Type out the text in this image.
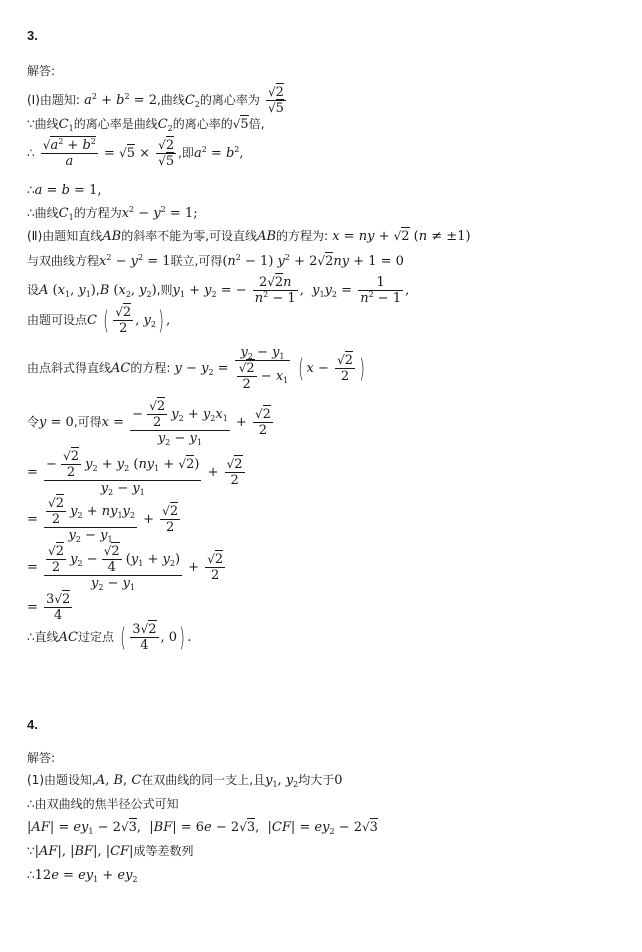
3.
解答:
(Ⅰ)由题知: $a^2 + b^2 = 2$,曲线$C_2$的离心率为 $\frac{√2}{√5}$
∵曲线$C_1$的离心率是曲线$C_2$的离心率的√5倍,
∴ $\frac{√a^2 + b^2}{a} = √5 \times \frac{√2}{√5}$ ,即$a^2 = b^2$,
∴a = b = 1,
∴曲线$C_1$的方程为$x^2 - y^2 = 1$;
(Ⅱ)由题知直线AB的斜率不能为零,可设直线AB的方程为: x = ny + √2 (n ≠ ±1)
与双曲线方程$x^2 - y^2 = 1$联立,可得$(n^2 - 1) y^2 + 2√2ny + 1 = 0$
设A ($x_1$, $y_1),B$ ($x_2$, $y_2$),则$y_1 + y_2$ = − $\frac{2√2n}{n^2 - 1}$ ,  $y_1y_2 = \frac{1}{n^2 - 1}$ ,
由题可设点C ( $\frac{√2}{2}$ , $y_2$) ,
由点斜式得直线AC的方程: $y - y_2 = \frac{y_2 - y_1}{\frac{√2}{2} - x_1}$ ( $x - \frac{√2}{2}$ )
令y = 0,可得$x = \frac{- \frac{√2}{2} y_2 + y_2x_1}{y_2 - y_1} + \frac{√2}{2}$
= $\frac{- \frac{√2}{2} y_2 + y_2 (ny_1 + √2)}{y_2 - y_1} + \frac{√2}{2}$
= $\frac{\frac{√2}{2} y_2 + ny_1y_2}{y_2 - y_1} + \frac{√2}{2}$
= $\frac{\frac{√2}{2} y_2 - \frac{√2}{4} (y_1 + y_2)}{y_2 - y_1} + \frac{√2}{2}$
= $\frac{3√2}{4}$
∴直线AC过定点 ( $\frac{3√2}{4}$ , 0) .
4.
解答:
(1)由题设知,A, B, C在双曲线的同一支上,且$y_1$, $y_2$均大于0
∴由双曲线的焦半径公式可知
$|AF| = ey_1 - 2√3$,  |BF| = 6e − 2√3,  $|CF| = ey_2 - 2√3$
∵|AF|, |BF|, |CF|成等差数列
∴12e = $ey_1 + ey_2$
